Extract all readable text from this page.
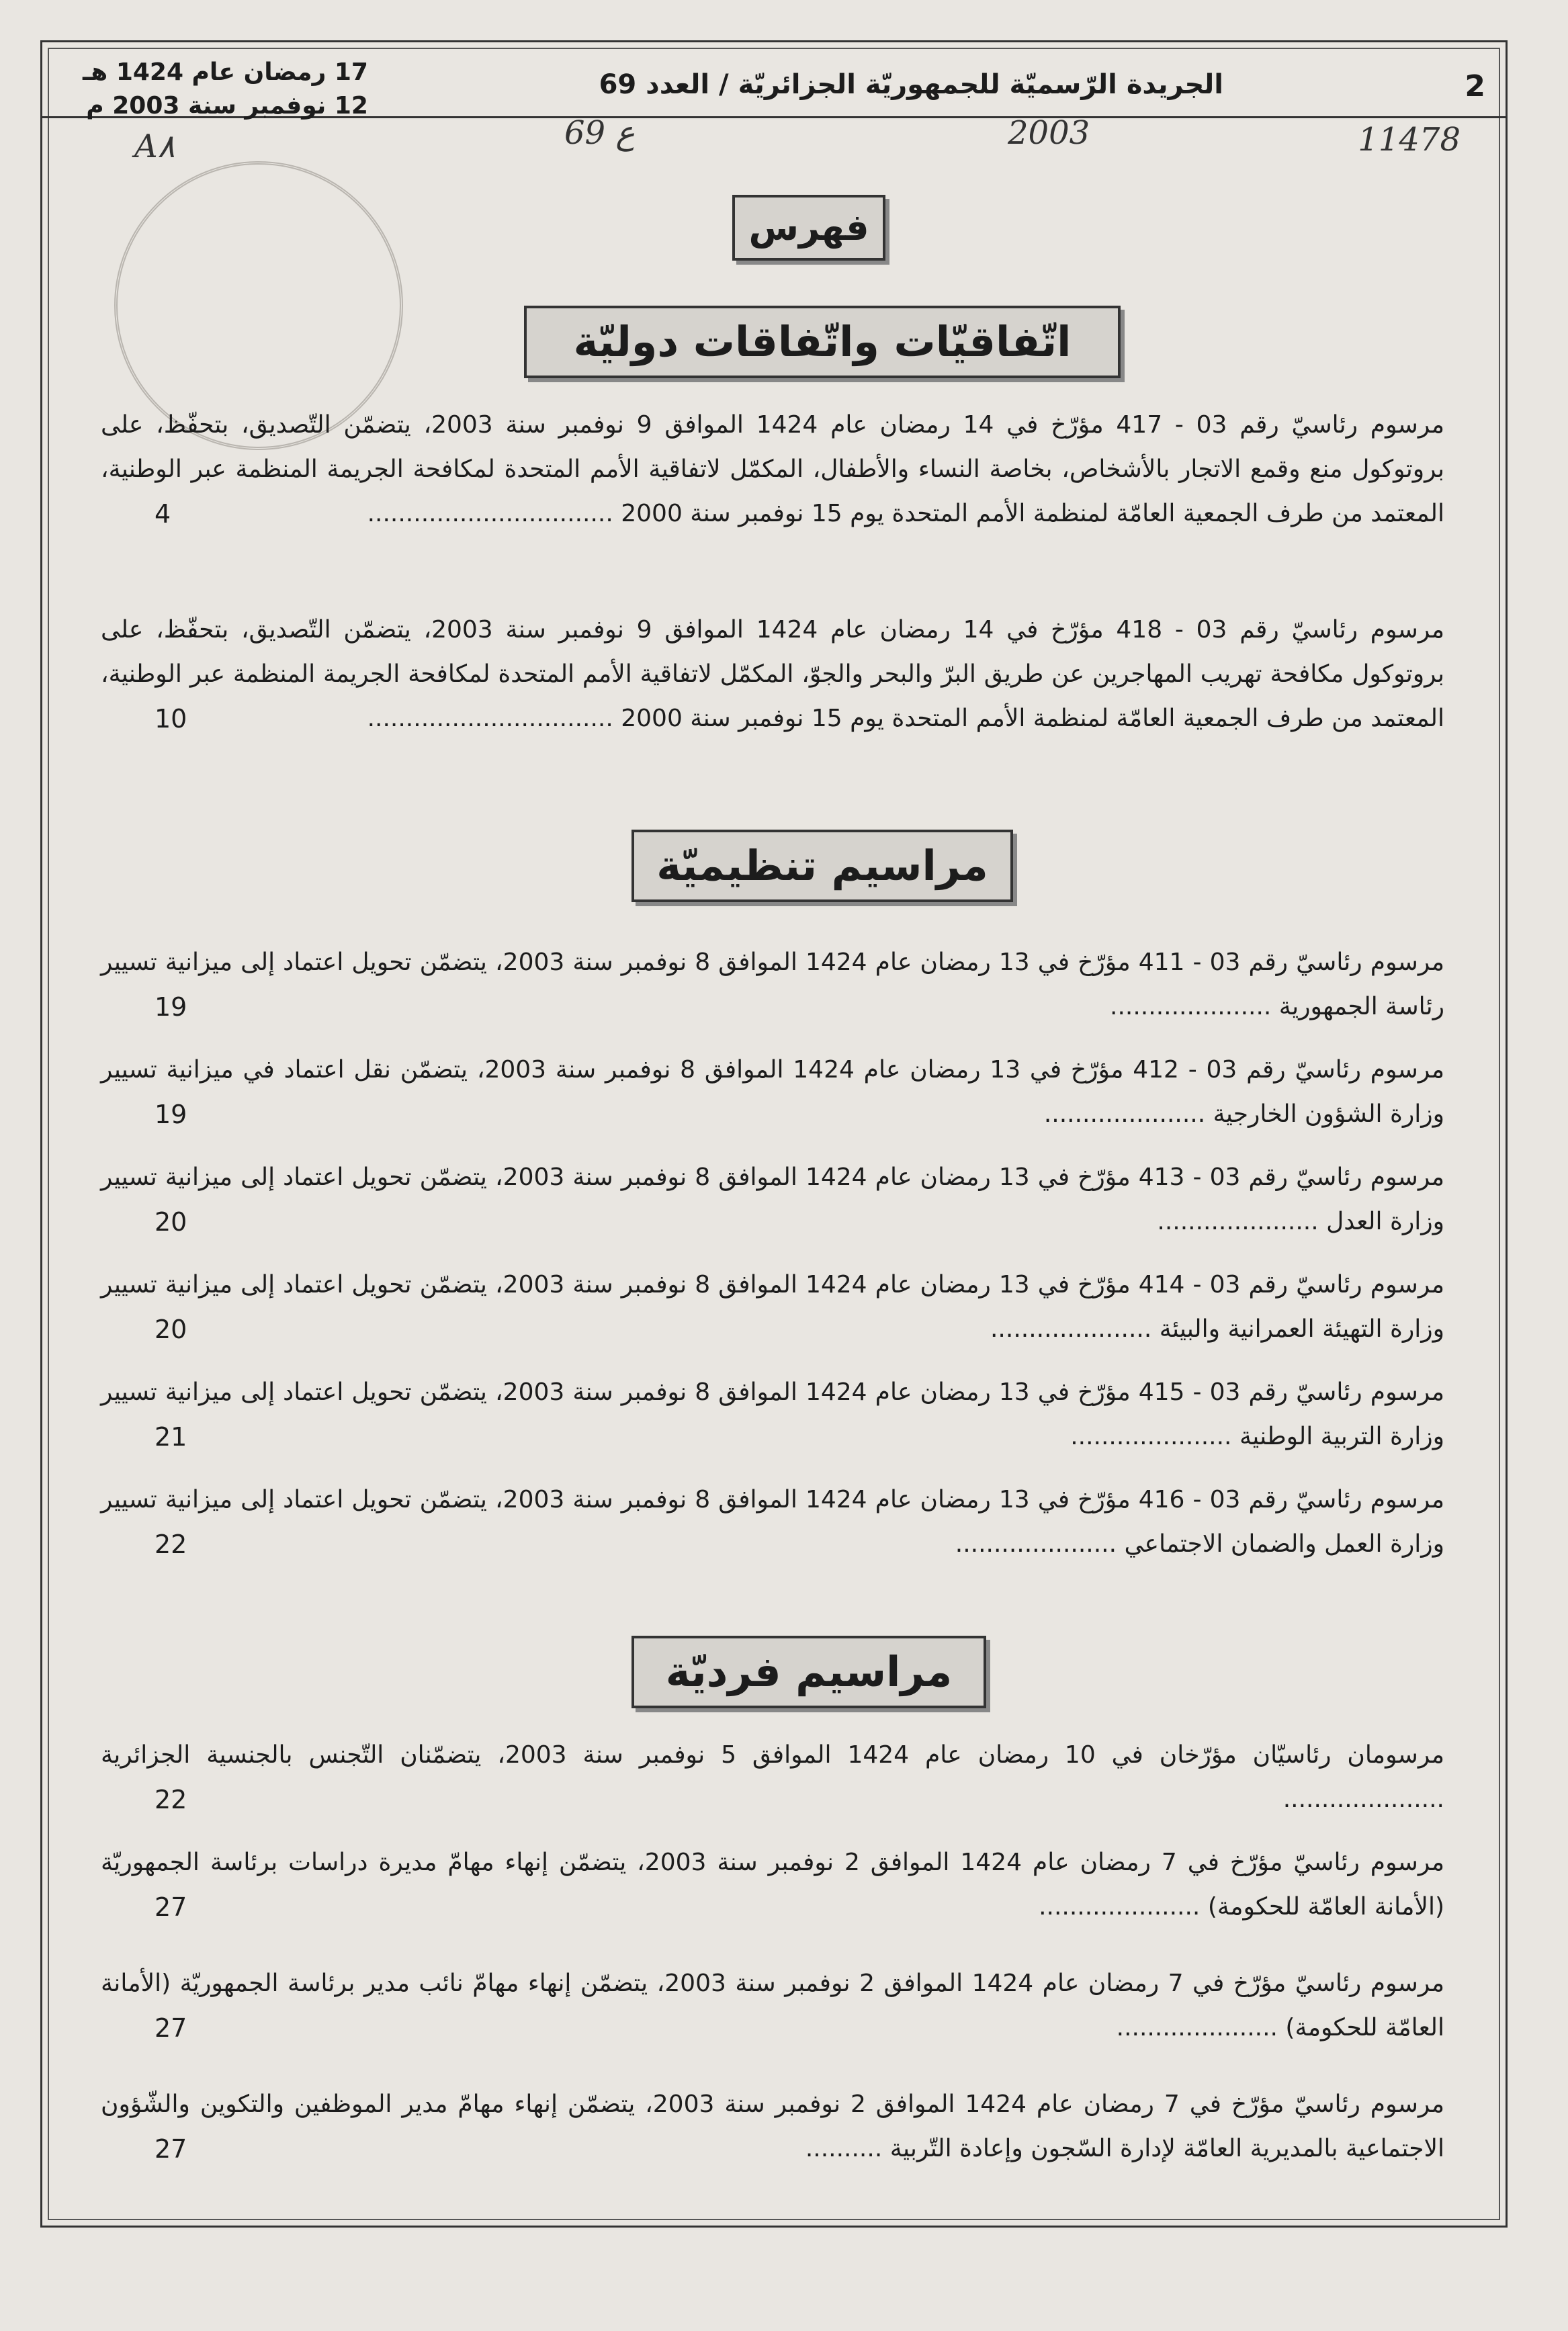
2
الجريدة الرّسميّة للجمهوريّة الجزائريّة / العدد 69
17 رمضان عام 1424 هـ
12 نوفمبر سنة 2003 م
A٨	69 ع	2003	11478
فهرس
اتّفاقيّات واتّفاقات دوليّة
مراسيم تنظيميّة
مراسيم فرديّة
مرسوم رئاسيّ رقم 03 - 417 مؤرّخ في 14 رمضان عام 1424 الموافق 9 نوفمبر سنة 2003، يتضمّن التّصديق، بتحفّظ، على بروتوكول منع وقمع الاتجار بالأشخاص، بخاصة النساء والأطفال، المكمّل لاتفاقية الأمم المتحدة لمكافحة الجريمة المنظمة عبر الوطنية، المعتمد من طرف الجمعية العامّة لمنظمة الأمم المتحدة يوم 15 نوفمبر سنة 2000 ................................
4
مرسوم رئاسيّ رقم 03 - 418 مؤرّخ في 14 رمضان عام 1424 الموافق 9 نوفمبر سنة 2003، يتضمّن التّصديق، بتحفّظ، على بروتوكول مكافحة تهريب المهاجرين عن طريق البرّ والبحر والجوّ، المكمّل لاتفاقية الأمم المتحدة لمكافحة الجريمة المنظمة عبر الوطنية، المعتمد من طرف الجمعية العامّة لمنظمة الأمم المتحدة يوم 15 نوفمبر سنة 2000 ................................
10
مرسوم رئاسيّ رقم 03 - 411 مؤرّخ في 13 رمضان عام 1424 الموافق 8 نوفمبر سنة 2003، يتضمّن تحويل اعتماد إلى ميزانية تسيير رئاسة الجمهورية .....................
19
مرسوم رئاسيّ رقم 03 - 412 مؤرّخ في 13 رمضان عام 1424 الموافق 8 نوفمبر سنة 2003، يتضمّن نقل اعتماد في ميزانية تسيير وزارة الشؤون الخارجية .....................
19
مرسوم رئاسيّ رقم 03 - 413 مؤرّخ في 13 رمضان عام 1424 الموافق 8 نوفمبر سنة 2003، يتضمّن تحويل اعتماد إلى ميزانية تسيير وزارة العدل .....................
20
مرسوم رئاسيّ رقم 03 - 414 مؤرّخ في 13 رمضان عام 1424 الموافق 8 نوفمبر سنة 2003، يتضمّن تحويل اعتماد إلى ميزانية تسيير وزارة التهيئة العمرانية والبيئة .....................
20
مرسوم رئاسيّ رقم 03 - 415 مؤرّخ في 13 رمضان عام 1424 الموافق 8 نوفمبر سنة 2003، يتضمّن تحويل اعتماد إلى ميزانية تسيير وزارة التربية الوطنية .....................
21
مرسوم رئاسيّ رقم 03 - 416 مؤرّخ في 13 رمضان عام 1424 الموافق 8 نوفمبر سنة 2003، يتضمّن تحويل اعتماد إلى ميزانية تسيير وزارة العمل والضمان الاجتماعي .....................
22
مرسومان رئاسيّان مؤرّخان في 10 رمضان عام 1424 الموافق 5 نوفمبر سنة 2003، يتضمّنان التّجنس بالجنسية الجزائرية .....................
22
مرسوم رئاسيّ مؤرّخ في 7 رمضان عام 1424 الموافق 2 نوفمبر سنة 2003، يتضمّن إنهاء مهامّ مديرة دراسات برئاسة الجمهوريّة (الأمانة العامّة للحكومة) .....................
27
مرسوم رئاسيّ مؤرّخ في 7 رمضان عام 1424 الموافق 2 نوفمبر سنة 2003، يتضمّن إنهاء مهامّ نائب مدير برئاسة الجمهوريّة (الأمانة العامّة للحكومة) .....................
27
مرسوم رئاسيّ مؤرّخ في 7 رمضان عام 1424 الموافق 2 نوفمبر سنة 2003، يتضمّن إنهاء مهامّ مدير الموظفين والتكوين والشّؤون الاجتماعية بالمديرية العامّة لإدارة السّجون وإعادة التّربية ..........
27
